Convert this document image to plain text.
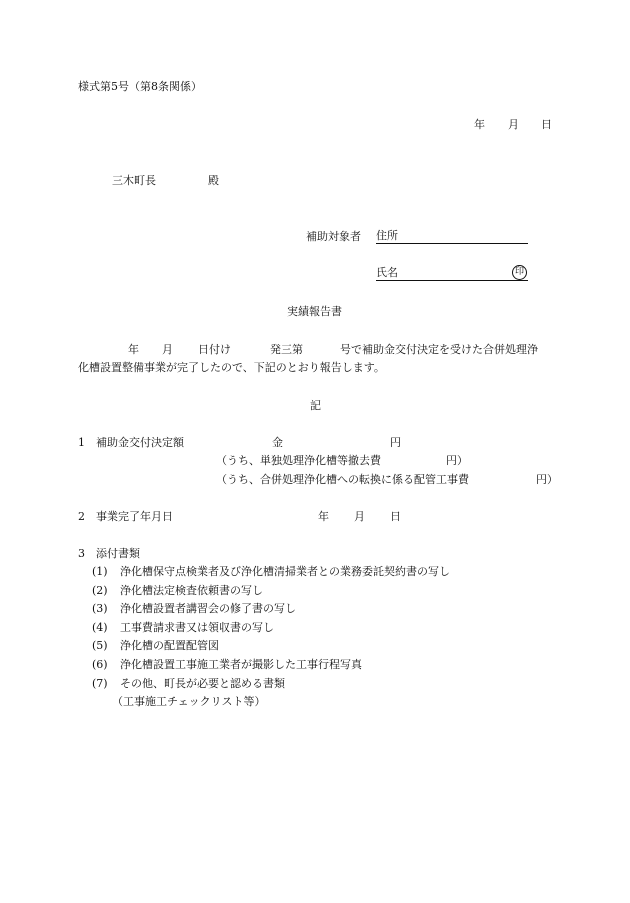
様式第5号（第8条関係）
年 月 日
三木町長	殿
補助対象者 住所
氏名	印
実績報告書
年 月 日付け	発三第	号で補助金交付決定を受けた合併処理浄
化槽設置整備事業が完了したので、下記のとおり報告します。
記
1 補助金交付決定額	金	円
（うち、単独処理浄化槽等撤去費	円）
（うち、合併処理浄化槽への転換に係る配管工事費	円）
2 事業完了年月日	年 月 日
3 添付書類
(1) 浄化槽保守点検業者及び浄化槽清掃業者との業務委託契約書の写し
(2) 浄化槽法定検査依頼書の写し
(3) 浄化槽設置者講習会の修了書の写し
(4) 工事費請求書又は領収書の写し
(5) 浄化槽の配置配管図
(6) 浄化槽設置工事施工業者が撮影した工事行程写真
(7) その他、町長が必要と認める書類
（工事施工チェックリスト等）
